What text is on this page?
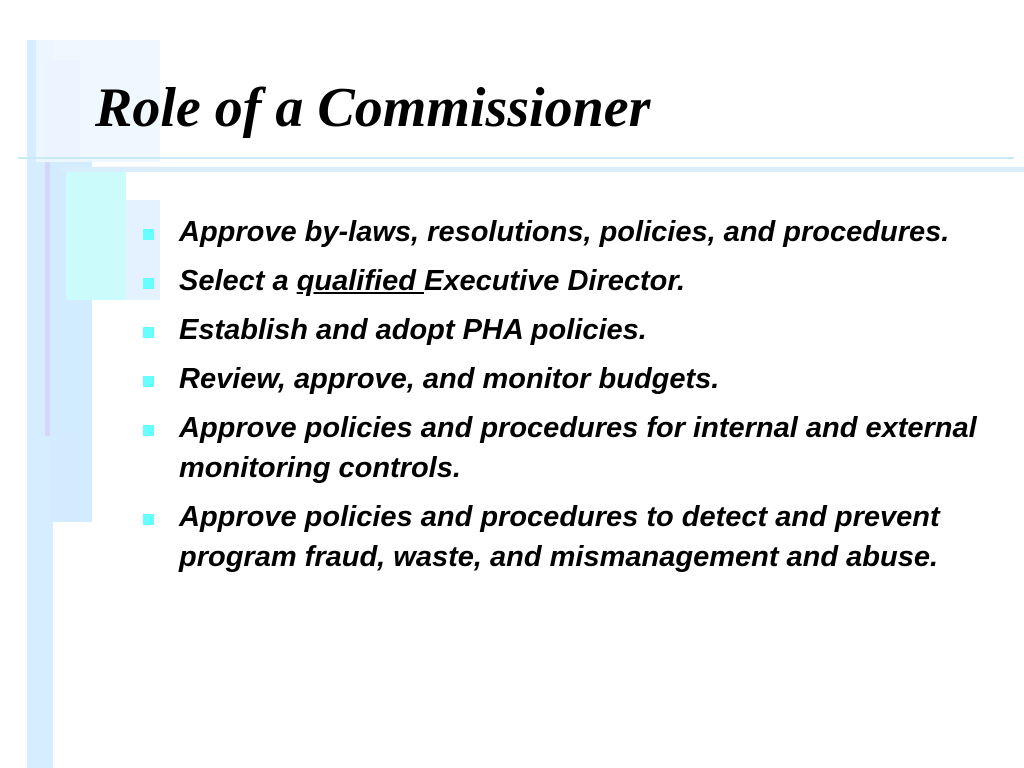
Role of a Commissioner
Approve by-laws, resolutions, policies, and procedures.
Select a qualified Executive Director.
Establish and adopt PHA policies.
Review, approve, and monitor budgets.
Approve policies and procedures for internal and external monitoring controls.
Approve policies and procedures to detect and prevent program fraud, waste, and mismanagement and abuse.
